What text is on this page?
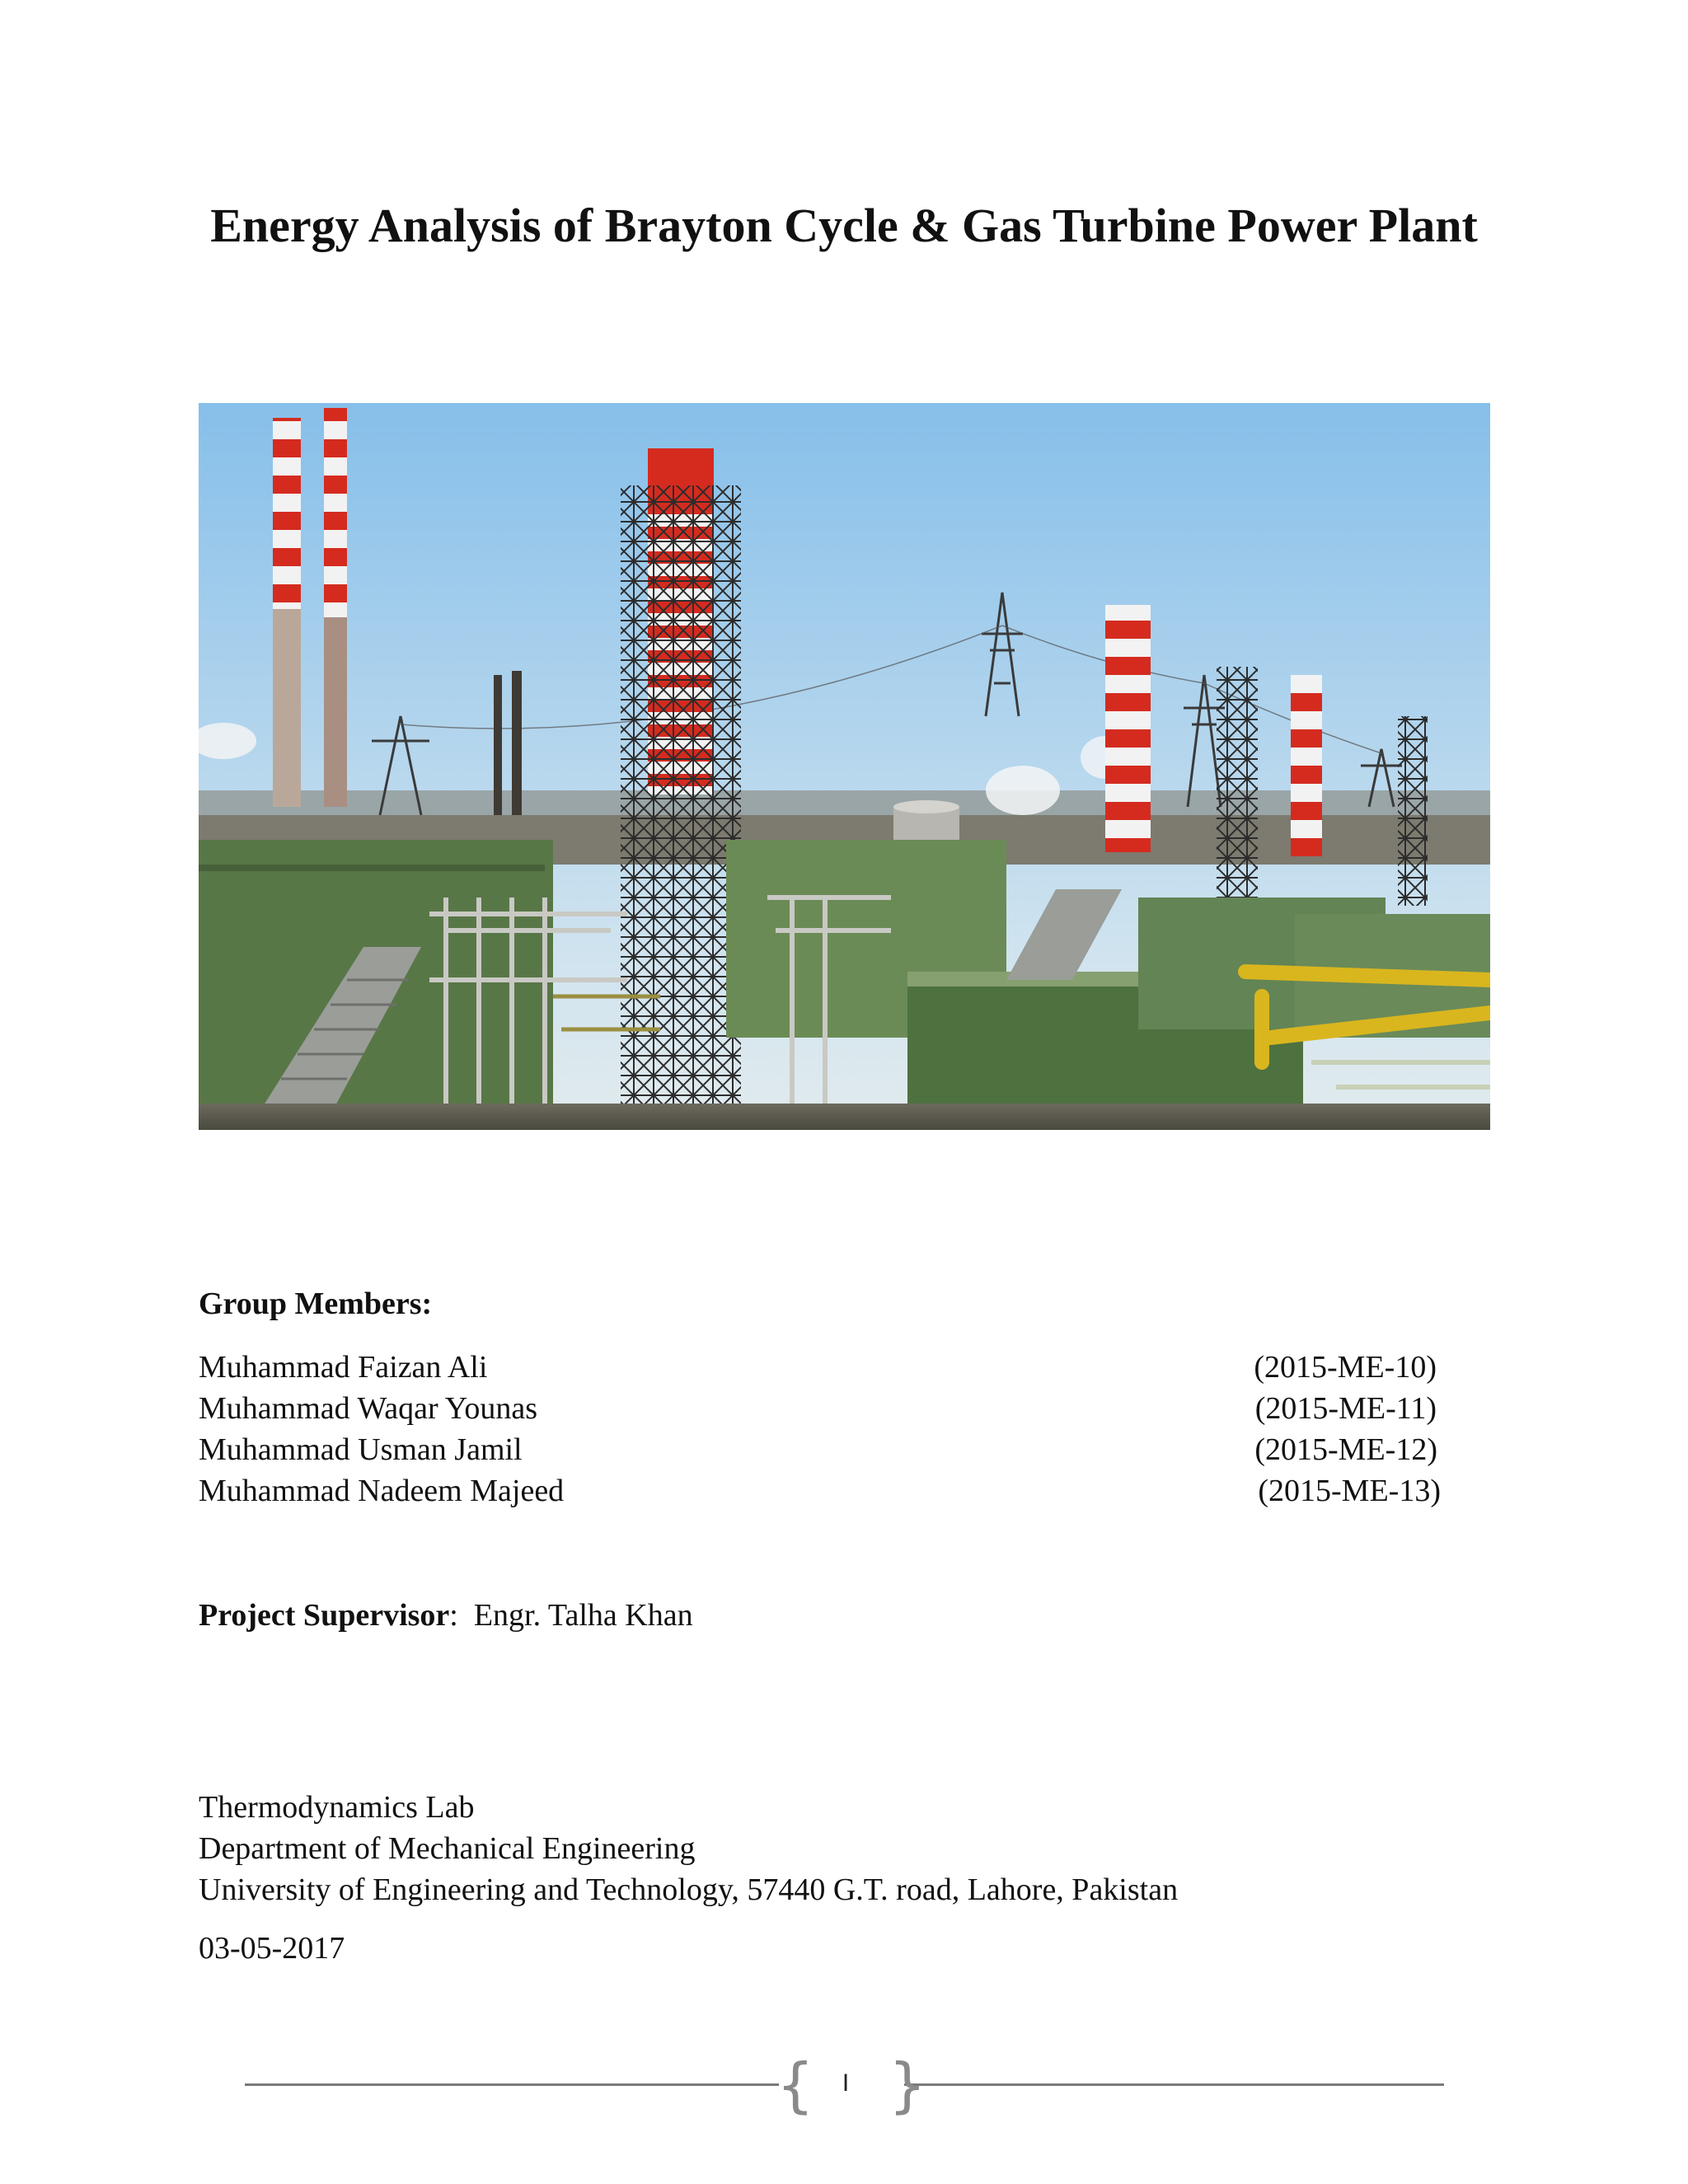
Energy Analysis of Brayton Cycle & Gas Turbine Power Plant
Group Members:
Muhammad Faizan Ali	(2015-ME-10)
Muhammad Waqar Younas	(2015-ME-11)
Muhammad Usman Jamil	(2015-ME-12)
Muhammad Nadeem Majeed	(2015-ME-13)
Project Supervisor: Engr. Talha Khan
Thermodynamics Lab
Department of Mechanical Engineering
University of Engineering and Technology, 57440 G.T. road, Lahore, Pakistan
03-05-2017
{ }
I
